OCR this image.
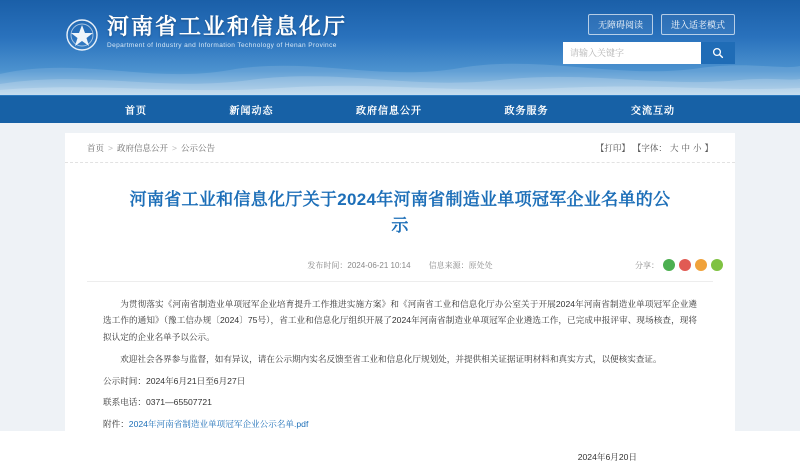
河南省工业和信息化厅
Department of Industry and Information Technology of Henan Province
无障碍阅读	进入适老模式
请输入关键字
首页	新闻动态	政府信息公开	政务服务	交流互动
首页 > 政府信息公开 > 公示公告	【打印】 【字体： 大 中 小 】
河南省工业和信息化厅关于2024年河南省制造业单项冠军企业名单的公示
发布时间：2024-06-21 10:14 信息来源：原处处	分享：

为贯彻落实《河南省制造业单项冠军企业培育提升工作推进实施方案》和《河南省工业和信息化厅办公室关于开展2024年河南省制造业单项冠军企业遴选工作的通知》（豫工信办规〔2024〕75号），省工业和信息化厅组织开展了2024年河南省制造业单项冠军企业遴选工作，已完成申报评审、现场核查，现将拟认定的企业名单予以公示。

欢迎社会各界参与监督，如有异议，请在公示期内实名反馈至省工业和信息化厅规划处，并提供相关证据证明材料和真实方式，以便核实查证。

公示时间：2024年6月21日至6月27日

联系电话：0371—65507721

附件：2024年河南省制造业单项冠军企业公示名单.pdf

2024年6月20日
